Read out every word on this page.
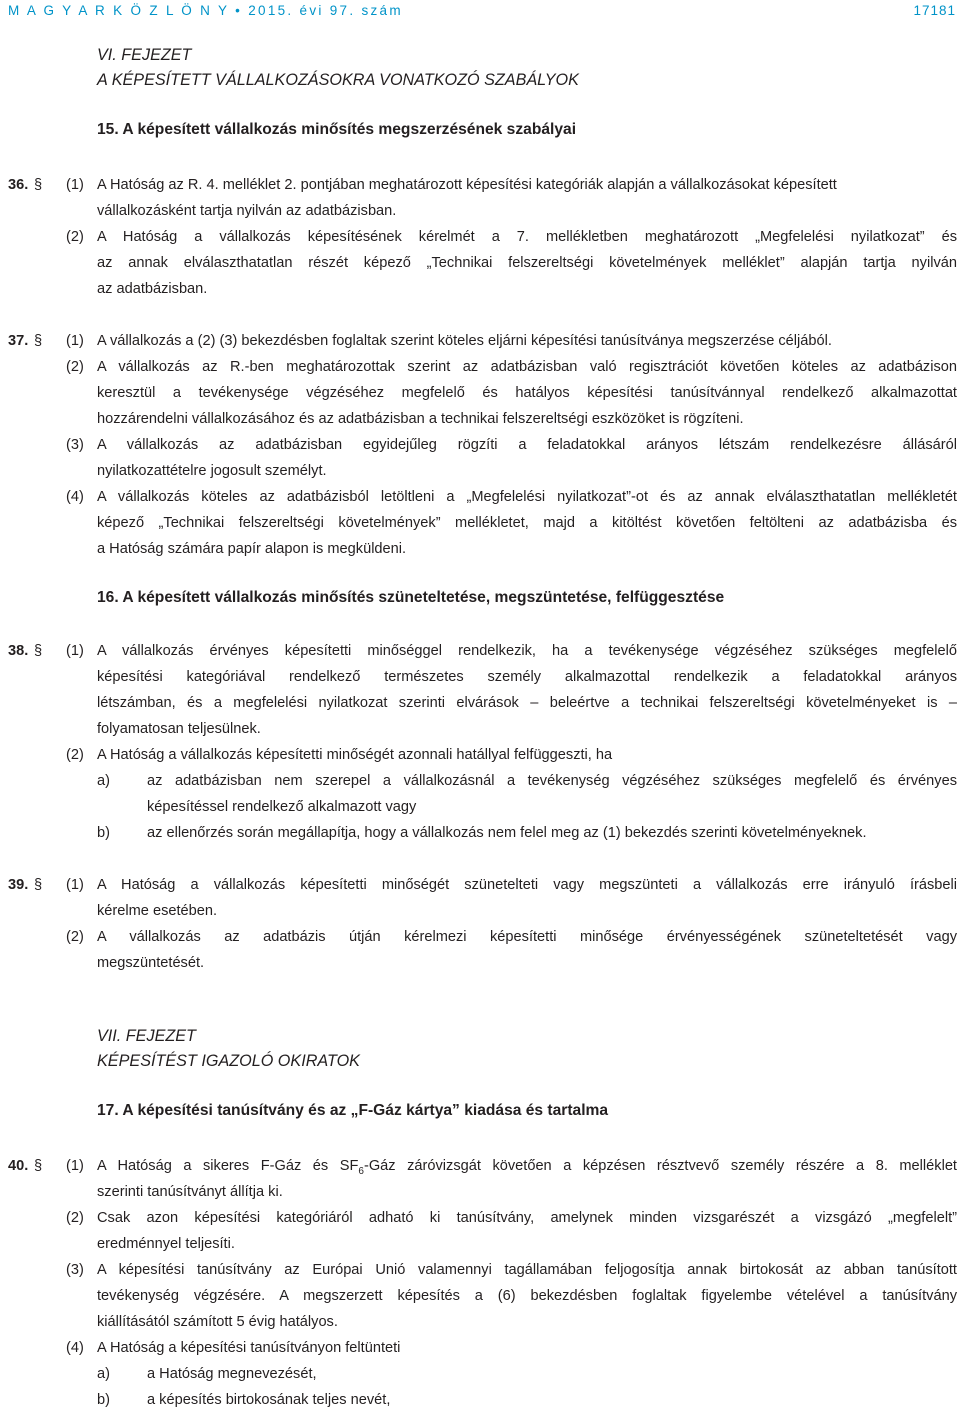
M A G Y A R K Ö Z L Ö N Y • 2015. évi 97. szám	17181
VI. FEJEZET
A KÉPESÍTETT VÁLLALKOZÁSOKRA VONATKOZÓ SZABÁLYOK
15. A képesített vállalkozás minősítés megszerzésének szabályai
36. § (1) A Hatóság az R. 4. melléklet 2. pontjában meghatározott képesítési kategóriák alapján a vállalkozásokat képesített
vállalkozásként tartja nyilván az adatbázisban.
(2) A Hatóság a vállalkozás képesítésének kérelmét a 7. mellékletben meghatározott „Megfelelési nyilatkozat” és
az annak elválaszthatatlan részét képező „Technikai felszereltségi követelmények melléklet” alapján tartja nyilván
az adatbázisban.
37. § (1) A vállalkozás a (2) (3) bekezdésben foglaltak szerint köteles eljárni képesítési tanúsítványa megszerzése céljából.
(2) A vállalkozás az R.-ben meghatározottak szerint az adatbázisban való regisztrációt követően köteles az adatbázison
keresztül a tevékenysége végzéséhez megfelelő és hatályos képesítési tanúsítvánnyal rendelkező alkalmazottat
hozzárendelni vállalkozásához és az adatbázisban a technikai felszereltségi eszközöket is rögzíteni.
(3) A vállalkozás az adatbázisban egyidejűleg rögzíti a feladatokkal arányos létszám rendelkezésre állásáról
nyilatkozattételre jogosult személyt.
(4) A vállalkozás köteles az adatbázisból letöltleni a „Megfelelési nyilatkozat”-ot és az annak elválaszthatatlan mellékletét
képező „Technikai felszereltségi követelmények” mellékletet, majd a kitöltést követően feltölteni az adatbázisba és
a Hatóság számára papír alapon is megküldeni.
16. A képesített vállalkozás minősítés szüneteltetése, megszüntetése, felfüggesztése
38. § (1) A vállalkozás érvényes képesítetti minőséggel rendelkezik, ha a tevékenysége végzéséhez szükséges megfelelő
képesítési kategóriával rendelkező természetes személy alkalmazottal rendelkezik a feladatokkal arányos
létszámban, és a megfelelési nyilatkozat szerinti elvárások – beleértve a technikai felszereltségi követelményeket is –
folyamatosan teljesülnek.
(2) A Hatóság a vállalkozás képesítetti minőségét azonnali hatállyal felfüggeszti, ha
a)	az adatbázisban nem szerepel a vállalkozásnál a tevékenység végzéséhez szükséges megfelelő és érvényes
képesítéssel rendelkező alkalmazott vagy
b)	az ellenőrzés során megállapítja, hogy a vállalkozás nem felel meg az (1) bekezdés szerinti követelményeknek.
39. § (1) A Hatóság a vállalkozás képesítetti minőségét szünetelteti vagy megszünteti a vállalkozás erre irányuló írásbeli
kérelme esetében.
(2) A vállalkozás az adatbázis útján kérelmezi képesítetti minősége érvényességének szüneteltetését vagy
megszüntetését.
VII. FEJEZET
KÉPESÍTÉST IGAZOLÓ OKIRATOK
17. A képesítési tanúsítvány és az „F-Gáz kártya” kiadása és tartalma
40. § (1) A Hatóság a sikeres F-Gáz és $SF_6$-Gáz záróvizsgát követően a képzésen résztvevő személy részére a 8. melléklet
szerinti tanúsítványt állítja ki.
(2) Csak azon képesítési kategóriáról adható ki tanúsítvány, amelynek minden vizsgarészét a vizsgázó „megfelelt”
eredménnyel teljesíti.
(3) A képesítési tanúsítvány az Európai Unió valamennyi tagállamában feljogosítja annak birtokosát az abban tanúsított
tevékenység végzésére. A megszerzett képesítés a (6) bekezdésben foglaltak figyelembe vételével a tanúsítvány
kiállításától számított 5 évig hatályos.
(4) A Hatóság a képesítési tanúsítványon feltünteti
a)	a Hatóság megnevezését,
b)	a képesítés birtokosának teljes nevét,
